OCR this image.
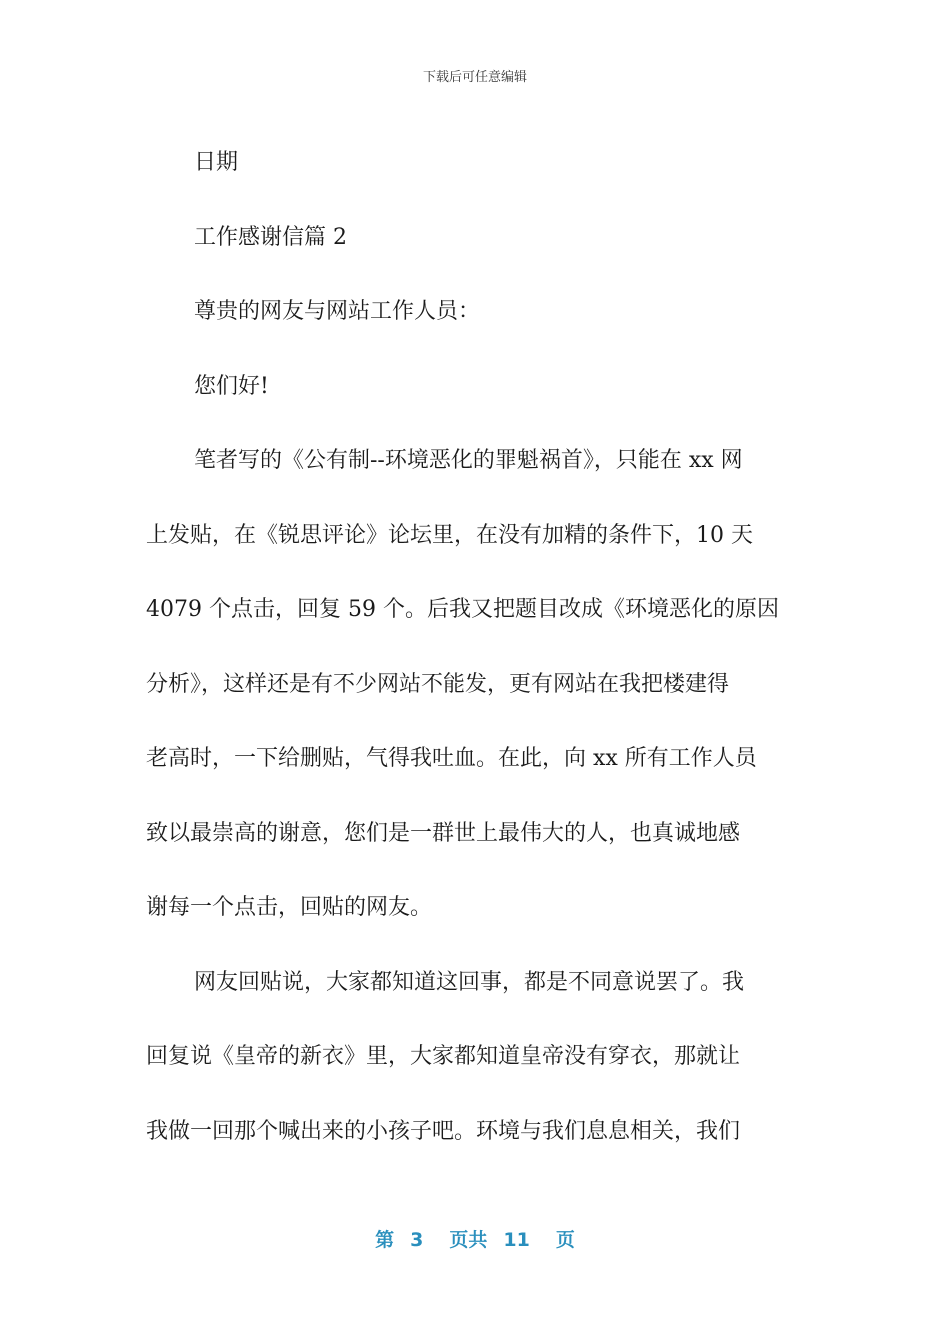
下载后可任意编辑
日期
工作感谢信篇 2
尊贵的网友与网站工作人员：
您们好!
笔者写的《公有制--环境恶化的罪魁祸首》，只能在 xx 网
上发贴，在《锐思评论》论坛里，在没有加精的条件下，10 天
4079 个点击，回复 59 个。后我又把题目改成《环境恶化的原因
分析》，这样还是有不少网站不能发，更有网站在我把楼建得
老高时，一下给删贴，气得我吐血。在此，向 xx 所有工作人员
致以最崇高的谢意，您们是一群世上最伟大的人，也真诚地感
谢每一个点击，回贴的网友。
网友回贴说，大家都知道这回事，都是不同意说罢了。我
回复说《皇帝的新衣》里，大家都知道皇帝没有穿衣，那就让
我做一回那个喊出来的小孩子吧。环境与我们息息相关，我们
第 3 页共 11 页
